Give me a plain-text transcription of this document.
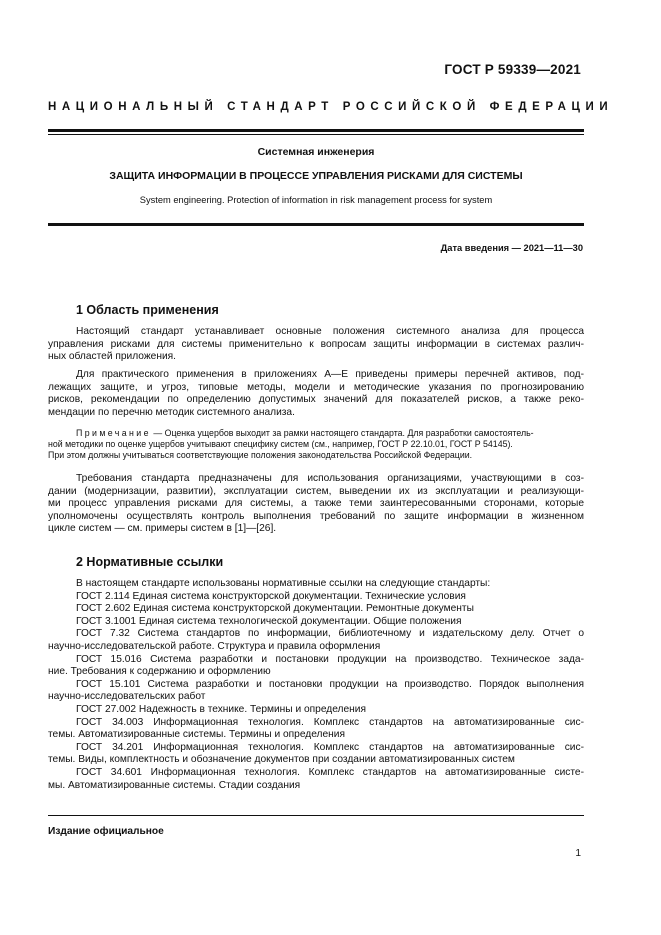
ГОСТ Р 59339—2021
НАЦИОНАЛЬНЫЙ СТАНДАРТ РОССИЙСКОЙ ФЕДЕРАЦИИ
Системная инженерия
ЗАЩИТА ИНФОРМАЦИИ В ПРОЦЕССЕ УПРАВЛЕНИЯ РИСКАМИ ДЛЯ СИСТЕМЫ
System engineering. Protection of information in risk management process for system
Дата введения — 2021—11—30
1 Область применения
Настоящий стандарт устанавливает основные положения системного анализа для процесса
управления рисками для системы применительно к вопросам защиты информации в системах различ-
ных областей приложения.
Для практического применения в приложениях А—Е приведены примеры перечней активов, под-
лежащих защите, и угроз, типовые методы, модели и методические указания по прогнозированию
рисков, рекомендации по определению допустимых значений для показателей рисков, а также реко-
мендации по перечню методик системного анализа.
Примечание — Оценка ущербов выходит за рамки настоящего стандарта. Для разработки самостоятель-
ной методики по оценке ущербов учитывают специфику систем (см., например, ГОСТ Р 22.10.01, ГОСТ Р 54145).
При этом должны учитываться соответствующие положения законодательства Российской Федерации.
Требования стандарта предназначены для использования организациями, участвующими в соз-
дании (модернизации, развитии), эксплуатации систем, выведении их из эксплуатации и реализующи-
ми процесс управления рисками для системы, а также теми заинтересованными сторонами, которые
уполномочены осуществлять контроль выполнения требований по защите информации в жизненном
цикле систем — см. примеры систем в [1]—[26].
2 Нормативные ссылки
В настоящем стандарте использованы нормативные ссылки на следующие стандарты:
ГОСТ 2.114 Единая система конструкторской документации. Технические условия
ГОСТ 2.602 Единая система конструкторской документации. Ремонтные документы
ГОСТ 3.1001 Единая система технологической документации. Общие положения
ГОСТ 7.32 Система стандартов по информации, библиотечному и издательскому делу. Отчет о
научно-исследовательской работе. Структура и правила оформления
ГОСТ 15.016 Система разработки и постановки продукции на производство. Техническое зада-
ние. Требования к содержанию и оформлению
ГОСТ 15.101 Система разработки и постановки продукции на производство. Порядок выполнения
научно-исследовательских работ
ГОСТ 27.002 Надежность в технике. Термины и определения
ГОСТ 34.003 Информационная технология. Комплекс стандартов на автоматизированные сис-
темы. Автоматизированные системы. Термины и определения
ГОСТ 34.201 Информационная технология. Комплекс стандартов на автоматизированные сис-
темы. Виды, комплектность и обозначение документов при создании автоматизированных систем
ГОСТ 34.601 Информационная технология. Комплекс стандартов на автоматизированные систе-
мы. Автоматизированные системы. Стадии создания
Издание официальное
1
